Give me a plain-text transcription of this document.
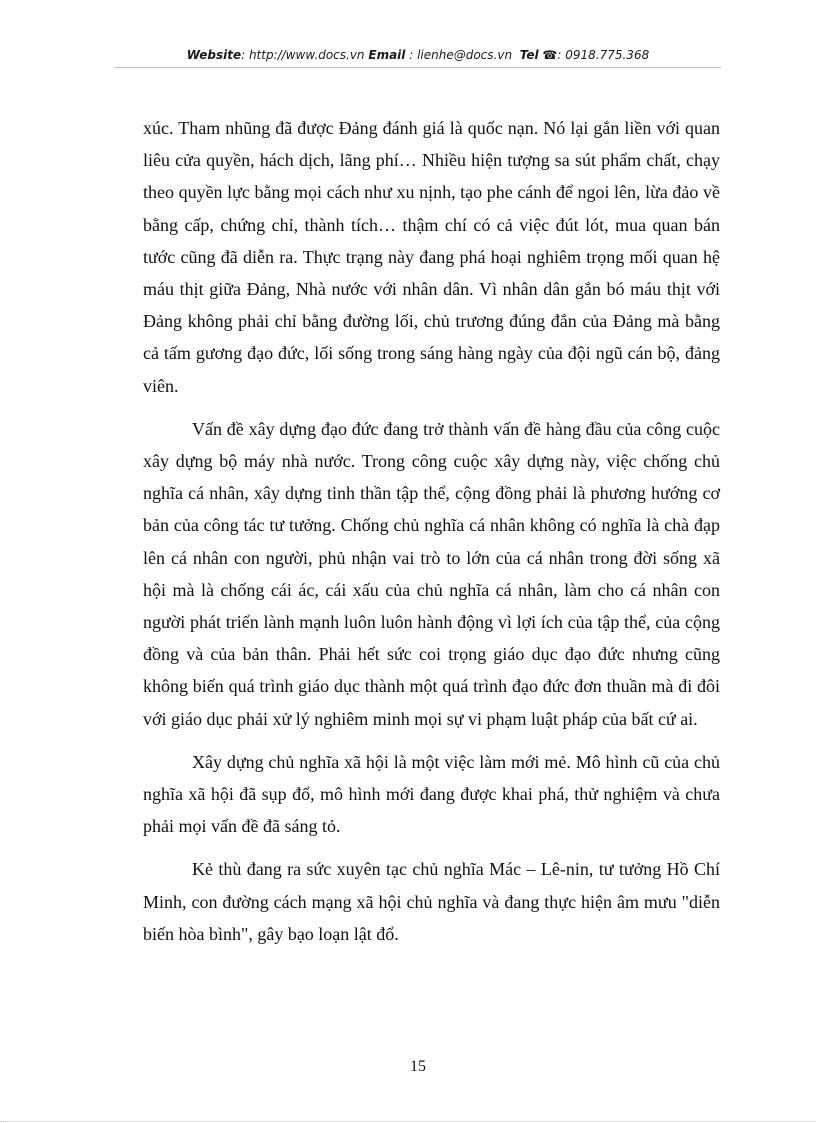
Website: http://www.docs.vn Email : lienhe@docs.vn Tel ☎: 0918.775.368

xúc. Tham nhũng đã được Đảng đánh giá là quốc nạn. Nó lại gắn liền với quan liêu cửa quyền, hách dịch, lãng phí… Nhiều hiện tượng sa sút phẩm chất, chạy theo quyền lực bằng mọi cách như xu nịnh, tạo phe cánh để ngoi lên, lừa đảo về bằng cấp, chứng chỉ, thành tích… thậm chí có cả việc đút lót, mua quan bán tước cũng đã diễn ra. Thực trạng này đang phá hoại nghiêm trọng mối quan hệ máu thịt giữa Đảng, Nhà nước với nhân dân. Vì nhân dân gắn bó máu thịt với Đảng không phải chỉ bằng đường lối, chủ trương đúng đắn của Đảng mà bằng cả tấm gương đạo đức, lối sống trong sáng hàng ngày của đội ngũ cán bộ, đảng viên.

Vấn đề xây dựng đạo đức đang trở thành vấn đề hàng đầu của công cuộc xây dựng bộ máy nhà nước. Trong công cuộc xây dựng này, việc chống chủ nghĩa cá nhân, xây dựng tinh thần tập thể, cộng đồng phải là phương hướng cơ bản của công tác tư tưởng. Chống chủ nghĩa cá nhân không có nghĩa là chà đạp lên cá nhân con người, phủ nhận vai trò to lớn của cá nhân trong đời sống xã hội mà là chống cái ác, cái xấu của chủ nghĩa cá nhân, làm cho cá nhân con người phát triển lành mạnh luôn luôn hành động vì lợi ích của tập thể, của cộng đồng và của bản thân. Phải hết sức coi trọng giáo dục đạo đức nhưng cũng không biến quá trình giáo dục thành một quá trình đạo đức đơn thuần mà đi đôi với giáo dục phải xử lý nghiêm minh mọi sự vi phạm luật pháp của bất cứ ai.

Xây dựng chủ nghĩa xã hội là một việc làm mới mẻ. Mô hình cũ của chủ nghĩa xã hội đã sụp đổ, mô hình mới đang được khai phá, thử nghiệm và chưa phải mọi vấn đề đã sáng tỏ.

Kẻ thù đang ra sức xuyên tạc chủ nghĩa Mác – Lê-nin, tư tưởng Hồ Chí Minh, con đường cách mạng xã hội chủ nghĩa và đang thực hiện âm mưu "diễn biến hòa bình", gây bạo loạn lật đổ.

15
